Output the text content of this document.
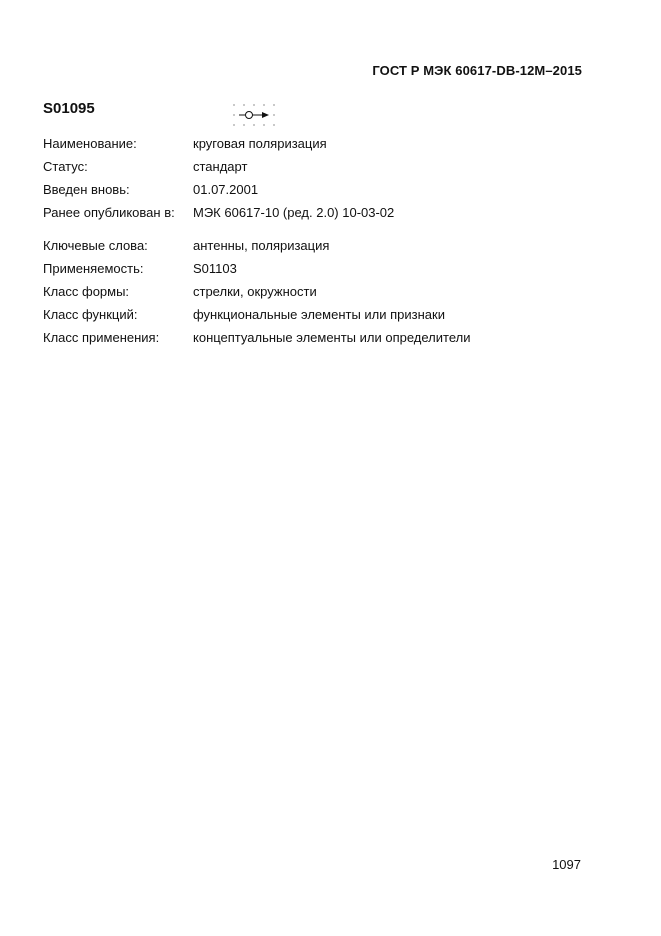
ГОСТ Р МЭК 60617-DB-12M–2015
S01095
Наименование:	круговая поляризация
Статус:	стандарт
Введен вновь:	01.07.2001
Ранее опубликован в:	МЭК 60617-10 (ред. 2.0) 10-03-02
Ключевые слова:	антенны, поляризация
Применяемость:	S01103
Класс формы:	стрелки, окружности
Класс функций:	функциональные элементы или признаки
Класс применения:	концептуальные элементы или определители
1097
